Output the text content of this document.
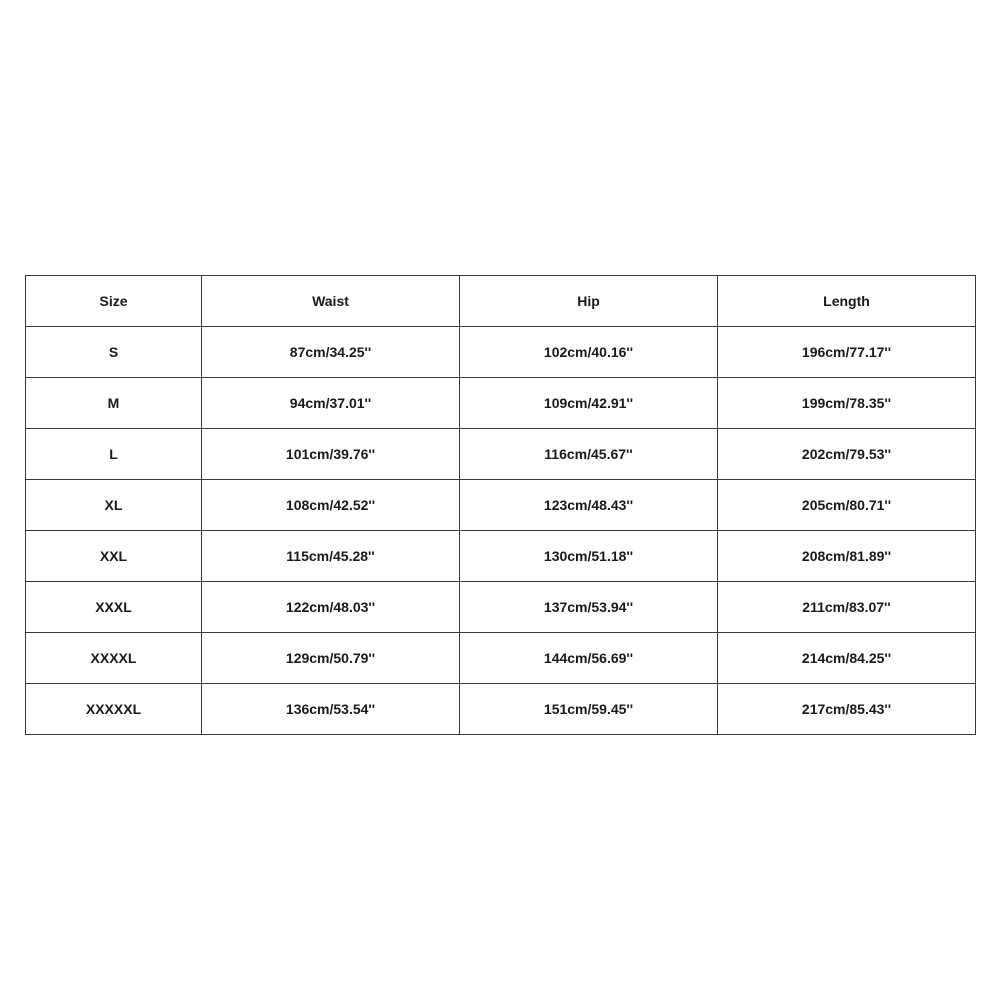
Size	Waist	Hip	Length
S	87cm/34.25''	102cm/40.16''	196cm/77.17''
M	94cm/37.01''	109cm/42.91''	199cm/78.35''
L	101cm/39.76''	116cm/45.67''	202cm/79.53''
XL	108cm/42.52''	123cm/48.43''	205cm/80.71''
XXL	115cm/45.28''	130cm/51.18''	208cm/81.89''
XXXL	122cm/48.03''	137cm/53.94''	211cm/83.07''
XXXXL	129cm/50.79''	144cm/56.69''	214cm/84.25''
XXXXXL	136cm/53.54''	151cm/59.45''	217cm/85.43''
